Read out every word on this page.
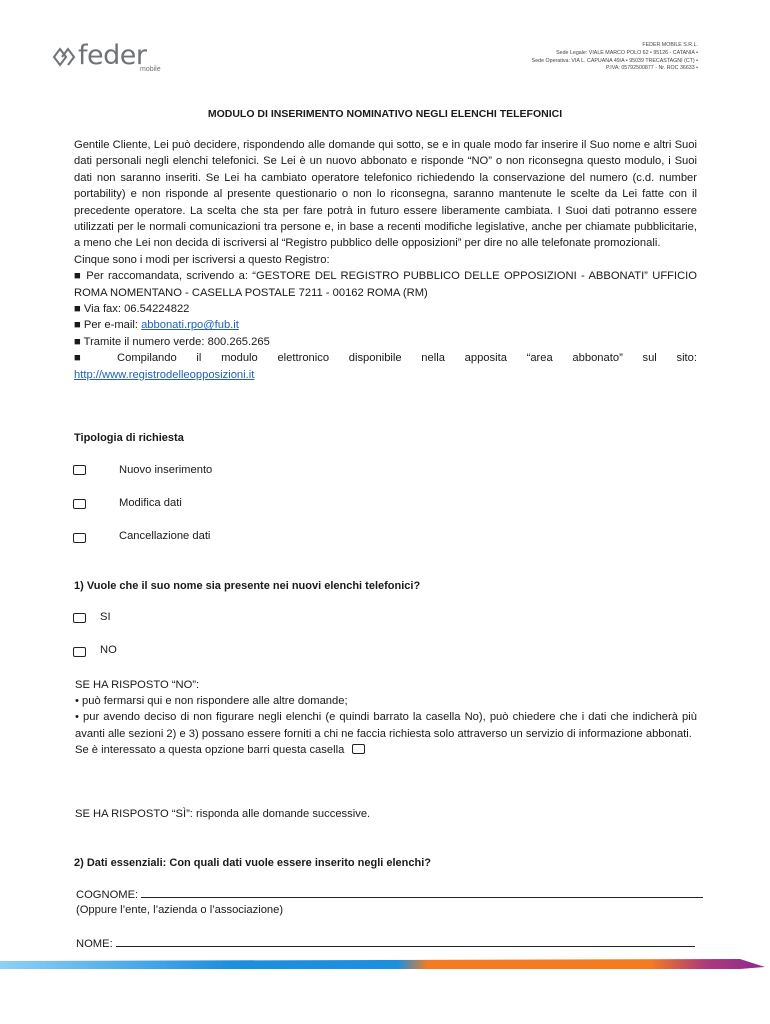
feder
mobile
FEDER MOBILE S.R.L.
Sede Legale: VIALE MARCO POLO 62 • 95126 - CATANIA •
Sede Operativa: VIA L. CAPUANA 49/A • 95039 TRECASTAGNI (CT) •
P.IVA: 05792500877 - Nr. ROC 36633 •
MODULO DI INSERIMENTO NOMINATIVO NEGLI ELENCHI TELEFONICI

Gentile Cliente, Lei può decidere, rispondendo alle domande qui sotto, se e in quale modo far inserire il Suo nome e altri Suoi dati personali negli elenchi telefonici. Se Lei è un nuovo abbonato e risponde “NO” o non riconsegna questo modulo, i Suoi dati non saranno inseriti. Se Lei ha cambiato operatore telefonico richiedendo la conservazione del numero (c.d. number portability) e non risponde al presente questionario o non lo riconsegna, saranno mantenute le scelte da Lei fatte con il precedente operatore. La scelta che sta per fare potrà in futuro essere liberamente cambiata. I Suoi dati potranno essere utilizzati per le normali comunicazioni tra persone e, in base a recenti modifiche legislative, anche per chiamate pubblicitarie, a meno che Lei non decida di iscriversi al “Registro pubblico delle opposizioni” per dire no alle telefonate promozionali.

Cinque sono i modi per iscriversi a questo Registro:

■ Per raccomandata, scrivendo a: “GESTORE DEL REGISTRO PUBBLICO DELLE OPPOSIZIONI - ABBONATI” UFFICIO ROMA NOMENTANO - CASELLA POSTALE 7211 - 00162 ROMA (RM)

■ Via fax: 06.54224822

■ Per e-mail: abbonati.rpo@fub.it

■ Tramite il numero verde: 800.265.265

■ Compilando il modulo elettronico disponibile nella apposita “area abbonato” sul sito:

http://www.registrodelleopposizioni.it

Tipologia di richiesta
Nuovo inserimento
Modifica dati
Cancellazione dati
1) Vuole che il suo nome sia presente nei nuovi elenchi telefonici?
SI
NO

SE HA RISPOSTO “NO”:

• può fermarsi qui e non rispondere alle altre domande;

• pur avendo deciso di non figurare negli elenchi (e quindi barrato la casella No), può chiedere che i dati che indicherà più avanti alle sezioni 2) e 3) possano essere forniti a chi ne faccia richiesta solo attraverso un servizio di informazione abbonati.

Se è interessato a questa opzione barri questa casella

SE HA RISPOSTO “SÌ”: risponda alle domande successive.
2) Dati essenziali: Con quali dati vuole essere inserito negli elenchi?
COGNOME:
(Oppure l’ente, l’azienda o l’associazione)
NOME:
